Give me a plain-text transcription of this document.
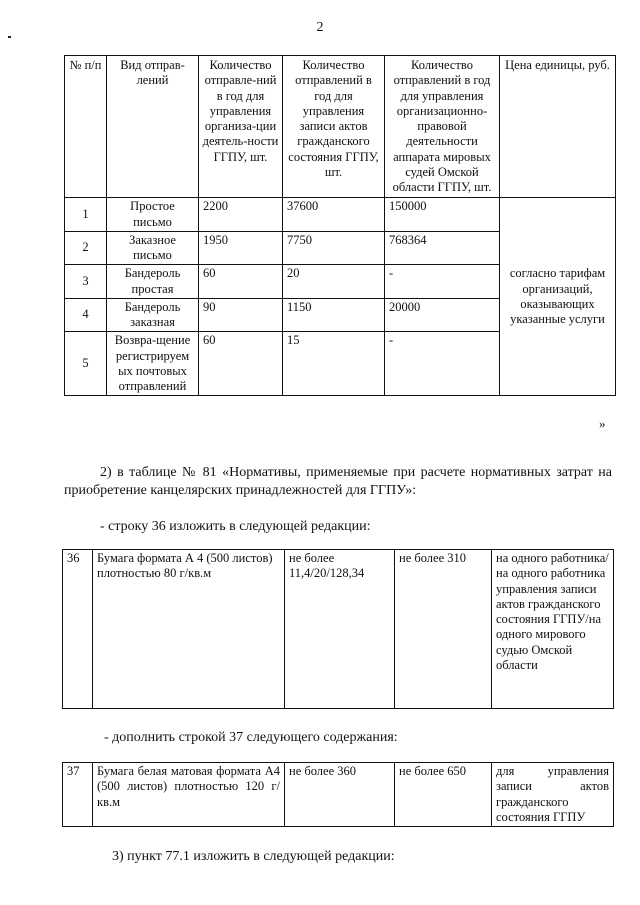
2
№ п/п	Вид отправ-лений	Количество отправле-ний в год для управления организа-ции деятель-ности ГГПУ, шт.	Количество отправлений в год для управления записи актов гражданского состояния ГГПУ, шт.	Количество отправлений в год для управления организационно-правовой деятельности аппарата мировых судей Омской области ГГПУ, шт.	Цена единицы, руб.
1	Простое письмо	2200	37600	150000	согласно тарифам организаций, оказывающих указанные услуги
2	Заказное письмо	1950	7750	768364	
3	Бандероль простая	60	20	-	
4	Бандероль заказная	90	1150	20000	
5	Возвра-щение регистрируем ых почтовых отправлений	60	15	-	
»
2) в таблице № 81 «Нормативы, применяемые при расчете нормативных затрат на приобретение канцелярских принадлежностей для ГГПУ»:
- строку 36 изложить в следующей редакции:
36	Бумага формата А 4 (500 листов) плотностью 80 г/кв.м	не более 11,4/20/128,34	не более 310	на одного работника/на одного работника управления записи актов гражданского состояния ГГПУ/на одного мирового судью Омской области
- дополнить строкой 37 следующего содержания:
37	Бумага белая матовая формата А4 (500 листов) плотностью 120 г/кв.м	не более 360	не более 650	для управления записи актов гражданского состояния ГГПУ
3) пункт 77.1 изложить в следующей редакции:
